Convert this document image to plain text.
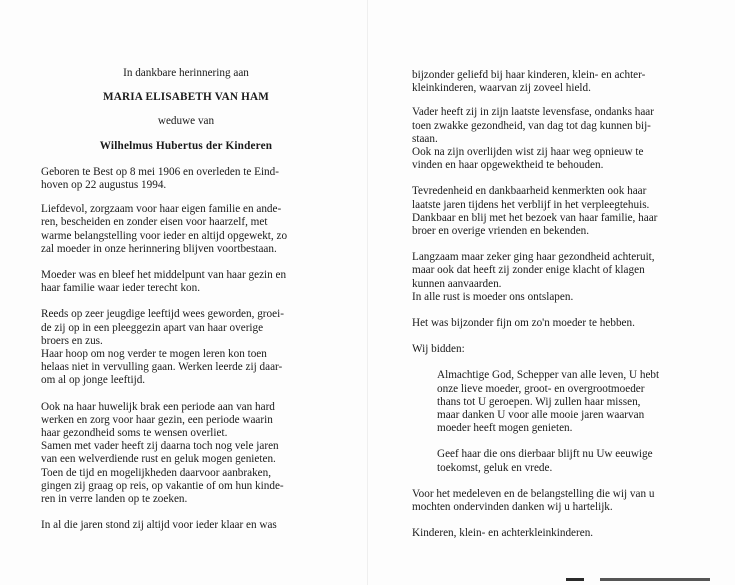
In dankbare herinnering aan

MARIA ELISABETH VAN HAM

weduwe van

Wilhelmus Hubertus der Kinderen

Geboren te Best op 8 mei 1906 en overleden te Eind-
hoven op 22 augustus 1994.

Liefdevol, zorgzaam voor haar eigen familie en ande-
ren, bescheiden en zonder eisen voor haarzelf, met
warme belangstelling voor ieder en altijd opgewekt, zo
zal moeder in onze herinnering blijven voortbestaan.

Moeder was en bleef het middelpunt van haar gezin en
haar familie waar ieder terecht kon.

Reeds op zeer jeugdige leeftijd wees geworden, groei-
de zij op in een pleeggezin apart van haar overige
broers en zus.
Haar hoop om nog verder te mogen leren kon toen
helaas niet in vervulling gaan. Werken leerde zij daar-
om al op jonge leeftijd.

Ook na haar huwelijk brak een periode aan van hard
werken en zorg voor haar gezin, een periode waarin
haar gezondheid soms te wensen overliet.
Samen met vader heeft zij daarna toch nog vele jaren
van een welverdiende rust en geluk mogen genieten.
Toen de tijd en mogelijkheden daarvoor aanbraken,
gingen zij graag op reis, op vakantie of om hun kinde-
ren in verre landen op te zoeken.

In al die jaren stond zij altijd voor ieder klaar en was

bijzonder geliefd bij haar kinderen, klein- en achter-
kleinkinderen, waarvan zij zoveel hield.

Vader heeft zij in zijn laatste levensfase, ondanks haar
toen zwakke gezondheid, van dag tot dag kunnen bij-
staan.
Ook na zijn overlijden wist zij haar weg opnieuw te
vinden en haar opgewektheid te behouden.

Tevredenheid en dankbaarheid kenmerkten ook haar
laatste jaren tijdens het verblijf in het verpleegtehuis.
Dankbaar en blij met het bezoek van haar familie, haar
broer en overige vrienden en bekenden.

Langzaam maar zeker ging haar gezondheid achteruit,
maar ook dat heeft zij zonder enige klacht of klagen
kunnen aanvaarden.
In alle rust is moeder ons ontslapen.

Het was bijzonder fijn om zo'n moeder te hebben.

Wij bidden:

Almachtige God, Schepper van alle leven, U hebt
onze lieve moeder, groot- en overgrootmoeder
thans tot U geroepen. Wij zullen haar missen,
maar danken U voor alle mooie jaren waarvan
moeder heeft mogen genieten.

Geef haar die ons dierbaar blijft nu Uw eeuwige
toekomst, geluk en vrede.

Voor het medeleven en de belangstelling die wij van u
mochten ondervinden danken wij u hartelijk.

Kinderen, klein- en achterkleinkinderen.
